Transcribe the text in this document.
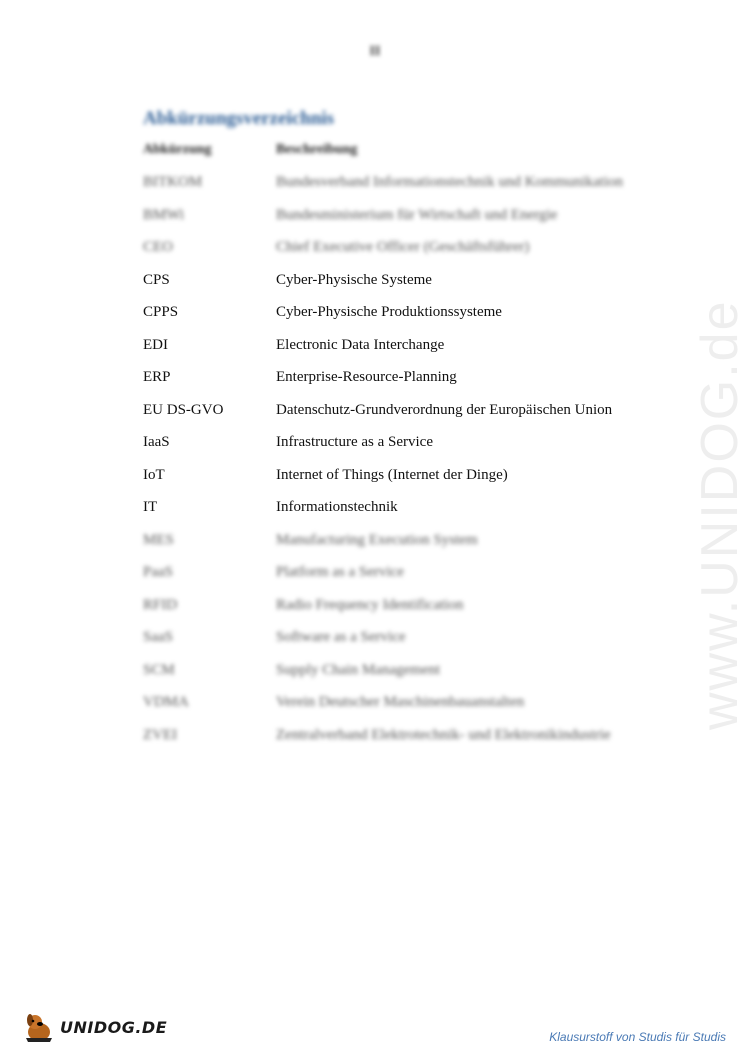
II
Abkürzungsverzeichnis
Abkürzung	Beschreibung
BITKOM	Bundesverband Informationstechnik und Kommunikation
BMWi	Bundesministerium für Wirtschaft und Energie
CEO	Chief Executive Officer (Geschäftsführer)
CPS	Cyber-Physische Systeme
CPPS	Cyber-Physische Produktionssysteme
EDI	Electronic Data Interchange
ERP	Enterprise-Resource-Planning
EU DS-GVO	Datenschutz-Grundverordnung der Europäischen Union
IaaS	Infrastructure as a Service
IoT	Internet of Things (Internet der Dinge)
IT	Informationstechnik
MES	Manufacturing Execution System
PaaS	Platform as a Service
RFID	Radio Frequency Identification
SaaS	Software as a Service
SCM	Supply Chain Management
VDMA	Verein Deutscher Maschinenbauanstalten
ZVEI	Zentralverband Elektrotechnik- und Elektronikindustrie
www.UNIDOG.de
UNIDOG.DE
Klausurstoff von Studis für Studis
